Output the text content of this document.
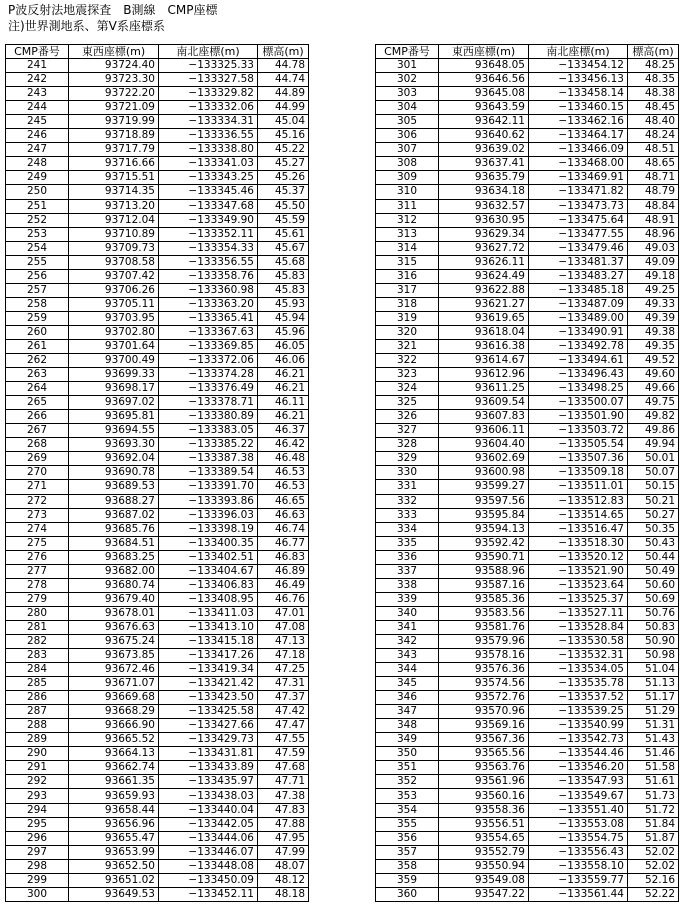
P波反射法地震探査　B測線　CMP座標
注)世界測地系、第Ⅴ系座標系
CMP番号	東西座標(m)	南北座標(m)	標高(m)
241	93724.40	−133325.33	44.78
242	93723.30	−133327.58	44.74
243	93722.20	−133329.82	44.89
244	93721.09	−133332.06	44.99
245	93719.99	−133334.31	45.04
246	93718.89	−133336.55	45.16
247	93717.79	−133338.80	45.22
248	93716.66	−133341.03	45.27
249	93715.51	−133343.25	45.26
250	93714.35	−133345.46	45.37
251	93713.20	−133347.68	45.50
252	93712.04	−133349.90	45.59
253	93710.89	−133352.11	45.61
254	93709.73	−133354.33	45.67
255	93708.58	−133356.55	45.68
256	93707.42	−133358.76	45.83
257	93706.26	−133360.98	45.83
258	93705.11	−133363.20	45.93
259	93703.95	−133365.41	45.94
260	93702.80	−133367.63	45.96
261	93701.64	−133369.85	46.05
262	93700.49	−133372.06	46.06
263	93699.33	−133374.28	46.21
264	93698.17	−133376.49	46.21
265	93697.02	−133378.71	46.11
266	93695.81	−133380.89	46.21
267	93694.55	−133383.05	46.37
268	93693.30	−133385.22	46.42
269	93692.04	−133387.38	46.48
270	93690.78	−133389.54	46.53
271	93689.53	−133391.70	46.53
272	93688.27	−133393.86	46.65
273	93687.02	−133396.03	46.63
274	93685.76	−133398.19	46.74
275	93684.51	−133400.35	46.77
276	93683.25	−133402.51	46.83
277	93682.00	−133404.67	46.89
278	93680.74	−133406.83	46.49
279	93679.40	−133408.95	46.76
280	93678.01	−133411.03	47.01
281	93676.63	−133413.10	47.08
282	93675.24	−133415.18	47.13
283	93673.85	−133417.26	47.18
284	93672.46	−133419.34	47.25
285	93671.07	−133421.42	47.31
286	93669.68	−133423.50	47.37
287	93668.29	−133425.58	47.42
288	93666.90	−133427.66	47.47
289	93665.52	−133429.73	47.55
290	93664.13	−133431.81	47.59
291	93662.74	−133433.89	47.68
292	93661.35	−133435.97	47.71
293	93659.93	−133438.03	47.38
294	93658.44	−133440.04	47.83
295	93656.96	−133442.05	47.88
296	93655.47	−133444.06	47.95
297	93653.99	−133446.07	47.99
298	93652.50	−133448.08	48.07
299	93651.02	−133450.09	48.12
300	93649.53	−133452.11	48.18
CMP番号	東西座標(m)	南北座標(m)	標高(m)
301	93648.05	−133454.12	48.25
302	93646.56	−133456.13	48.35
303	93645.08	−133458.14	48.38
304	93643.59	−133460.15	48.45
305	93642.11	−133462.16	48.40
306	93640.62	−133464.17	48.24
307	93639.02	−133466.09	48.51
308	93637.41	−133468.00	48.65
309	93635.79	−133469.91	48.71
310	93634.18	−133471.82	48.79
311	93632.57	−133473.73	48.84
312	93630.95	−133475.64	48.91
313	93629.34	−133477.55	48.96
314	93627.72	−133479.46	49.03
315	93626.11	−133481.37	49.09
316	93624.49	−133483.27	49.18
317	93622.88	−133485.18	49.25
318	93621.27	−133487.09	49.33
319	93619.65	−133489.00	49.39
320	93618.04	−133490.91	49.38
321	93616.38	−133492.78	49.35
322	93614.67	−133494.61	49.52
323	93612.96	−133496.43	49.60
324	93611.25	−133498.25	49.66
325	93609.54	−133500.07	49.75
326	93607.83	−133501.90	49.82
327	93606.11	−133503.72	49.86
328	93604.40	−133505.54	49.94
329	93602.69	−133507.36	50.01
330	93600.98	−133509.18	50.07
331	93599.27	−133511.01	50.15
332	93597.56	−133512.83	50.21
333	93595.84	−133514.65	50.27
334	93594.13	−133516.47	50.35
335	93592.42	−133518.30	50.43
336	93590.71	−133520.12	50.44
337	93588.96	−133521.90	50.49
338	93587.16	−133523.64	50.60
339	93585.36	−133525.37	50.69
340	93583.56	−133527.11	50.76
341	93581.76	−133528.84	50.83
342	93579.96	−133530.58	50.90
343	93578.16	−133532.31	50.98
344	93576.36	−133534.05	51.04
345	93574.56	−133535.78	51.13
346	93572.76	−133537.52	51.17
347	93570.96	−133539.25	51.29
348	93569.16	−133540.99	51.31
349	93567.36	−133542.73	51.43
350	93565.56	−133544.46	51.46
351	93563.76	−133546.20	51.58
352	93561.96	−133547.93	51.61
353	93560.16	−133549.67	51.73
354	93558.36	−133551.40	51.72
355	93556.51	−133553.08	51.84
356	93554.65	−133554.75	51.87
357	93552.79	−133556.43	52.02
358	93550.94	−133558.10	52.02
359	93549.08	−133559.77	52.16
360	93547.22	−133561.44	52.22
